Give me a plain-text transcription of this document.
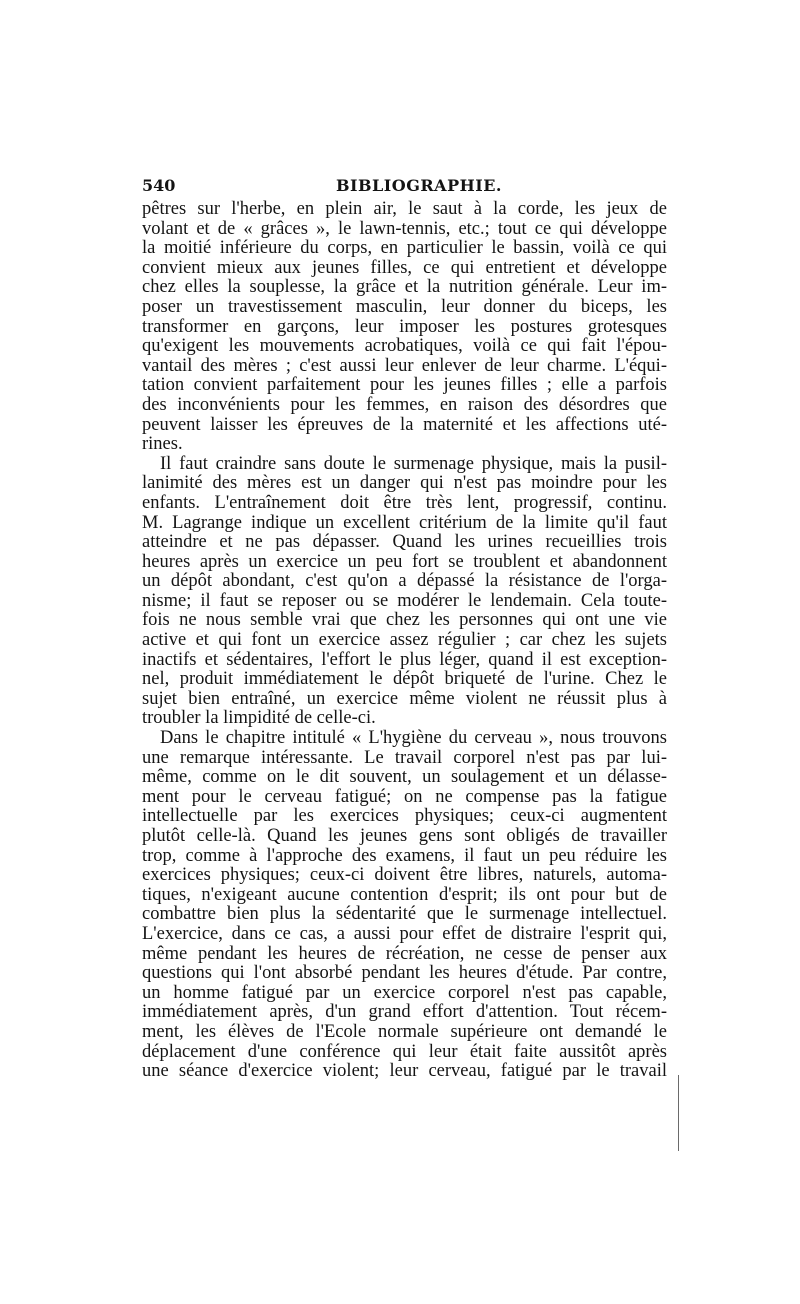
540	BIBLIOGRAPHIE.
pêtres sur l'herbe, en plein air, le saut à la corde, les jeux de
volant et de « grâces », le lawn-tennis, etc.; tout ce qui développe
la moitié inférieure du corps, en particulier le bassin, voilà ce qui
convient mieux aux jeunes filles, ce qui entretient et développe
chez elles la souplesse, la grâce et la nutrition générale. Leur im-
poser un travestissement masculin, leur donner du biceps, les
transformer en garçons, leur imposer les postures grotesques
qu'exigent les mouvements acrobatiques, voilà ce qui fait l'épou-
vantail des mères ; c'est aussi leur enlever de leur charme. L'équi-
tation convient parfaitement pour les jeunes filles ; elle a parfois
des inconvénients pour les femmes, en raison des désordres que
peuvent laisser les épreuves de la maternité et les affections uté-
rines.
Il faut craindre sans doute le surmenage physique, mais la pusil-
lanimité des mères est un danger qui n'est pas moindre pour les
enfants. L'entraînement doit être très lent, progressif, continu.
M. Lagrange indique un excellent critérium de la limite qu'il faut
atteindre et ne pas dépasser. Quand les urines recueillies trois
heures après un exercice un peu fort se troublent et abandonnent
un dépôt abondant, c'est qu'on a dépassé la résistance de l'orga-
nisme; il faut se reposer ou se modérer le lendemain. Cela toute-
fois ne nous semble vrai que chez les personnes qui ont une vie
active et qui font un exercice assez régulier ; car chez les sujets
inactifs et sédentaires, l'effort le plus léger, quand il est exception-
nel, produit immédiatement le dépôt briqueté de l'urine. Chez le
sujet bien entraîné, un exercice même violent ne réussit plus à
troubler la limpidité de celle-ci.
Dans le chapitre intitulé « L'hygiène du cerveau », nous trouvons
une remarque intéressante. Le travail corporel n'est pas par lui-
même, comme on le dit souvent, un soulagement et un délasse-
ment pour le cerveau fatigué; on ne compense pas la fatigue
intellectuelle par les exercices physiques; ceux-ci augmentent
plutôt celle-là. Quand les jeunes gens sont obligés de travailler
trop, comme à l'approche des examens, il faut un peu réduire les
exercices physiques; ceux-ci doivent être libres, naturels, automa-
tiques, n'exigeant aucune contention d'esprit; ils ont pour but de
combattre bien plus la sédentarité que le surmenage intellectuel.
L'exercice, dans ce cas, a aussi pour effet de distraire l'esprit qui,
même pendant les heures de récréation, ne cesse de penser aux
questions qui l'ont absorbé pendant les heures d'étude. Par contre,
un homme fatigué par un exercice corporel n'est pas capable,
immédiatement après, d'un grand effort d'attention. Tout récem-
ment, les élèves de l'Ecole normale supérieure ont demandé le
déplacement d'une conférence qui leur était faite aussitôt après
une séance d'exercice violent; leur cerveau, fatigué par le travail
